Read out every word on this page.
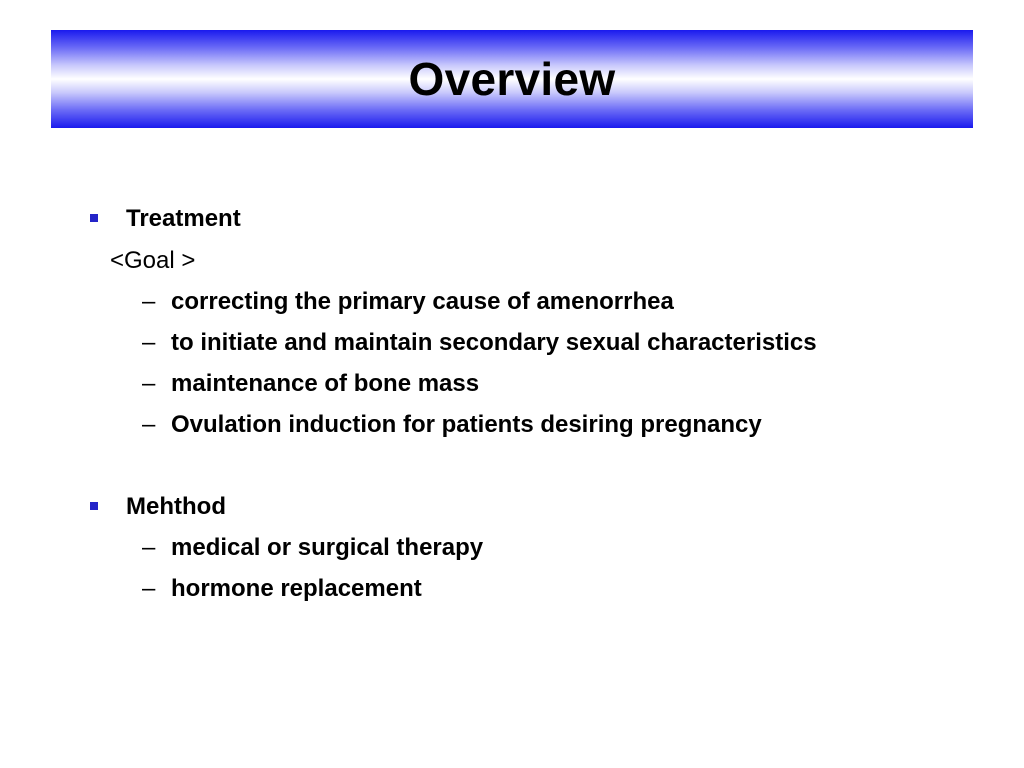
Overview
Treatment
<Goal >
– correcting the primary cause of amenorrhea
– to initiate and maintain secondary sexual characteristics
– maintenance of bone mass
– Ovulation induction for patients desiring pregnancy
Mehthod
– medical or surgical therapy
– hormone replacement
